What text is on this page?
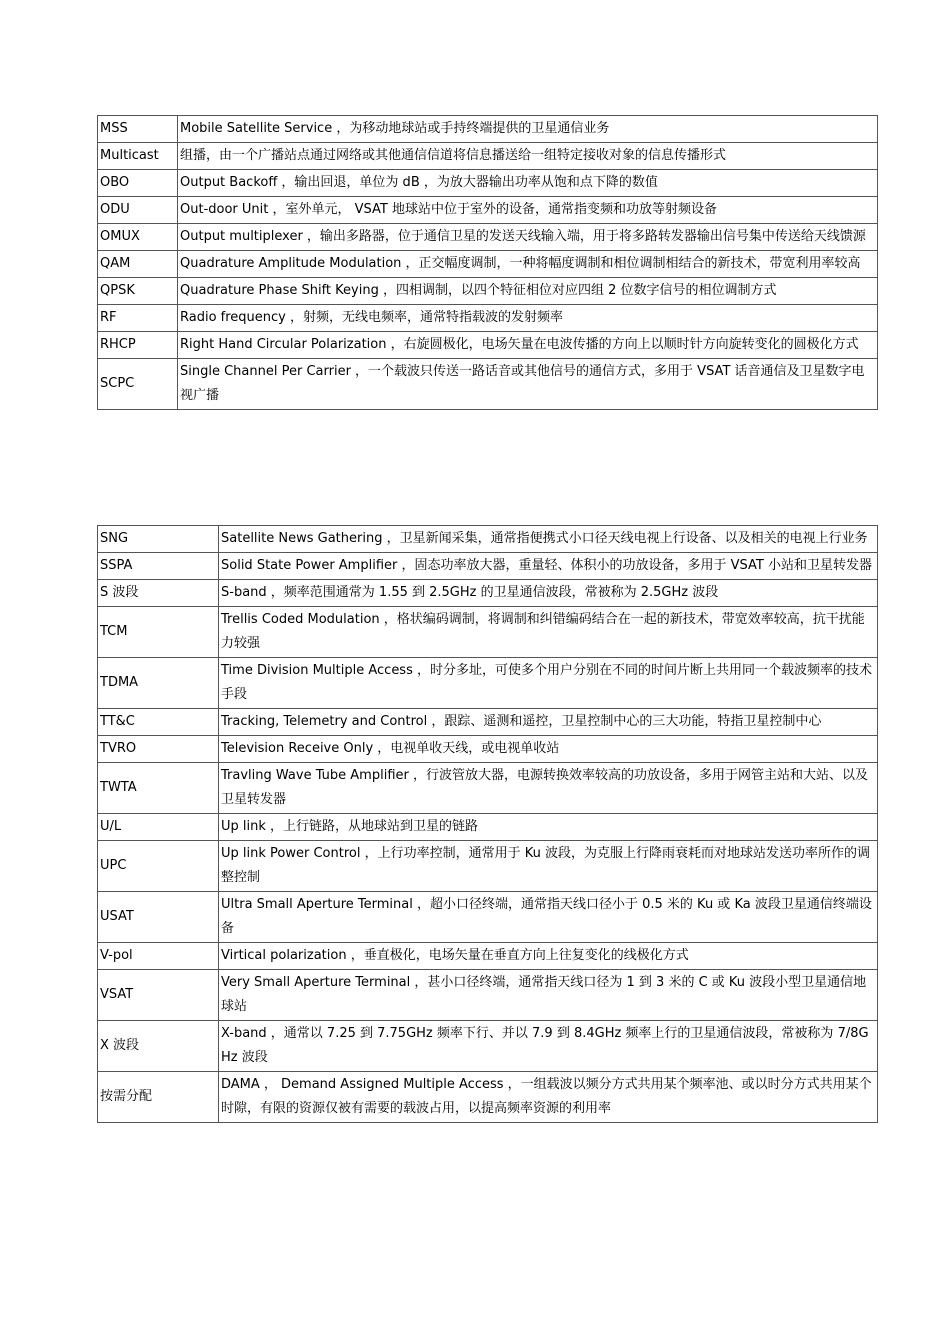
MSS	Mobile Satellite Service ，为移动地球站或手持终端提供的卫星通信业务
Multicast	组播，由一个广播站点通过网络或其他通信信道将信息播送给一组特定接收对象的信息传播形式
OBO	Output Backoff ，输出回退，单位为 dB ，为放大器输出功率从饱和点下降的数值
ODU	Out-door Unit ，室外单元， VSAT 地球站中位于室外的设备，通常指变频和功放等射频设备
OMUX	Output multiplexer ，输出多路器，位于通信卫星的发送天线输入端，用于将多路转发器输出信号集中传送给天线馈源
QAM	Quadrature Amplitude Modulation ，正交幅度调制，一种将幅度调制和相位调制相结合的新技术，带宽利用率较高
QPSK	Quadrature Phase Shift Keying ，四相调制，以四个特征相位对应四组 2 位数字信号的相位调制方式
RF	Radio frequency ，射频，无线电频率，通常特指载波的发射频率
RHCP	Right Hand Circular Polarization ，右旋圆极化，电场矢量在电波传播的方向上以顺时针方向旋转变化的圆极化方式
SCPC	Single Channel Per Carrier ，一个载波只传送一路话音或其他信号的通信方式，多用于 VSAT 话音通信及卫星数字电视广播
SNG	Satellite News Gathering ，卫星新闻采集，通常指便携式小口径天线电视上行设备、以及相关的电视上行业务
SSPA	Solid State Power Amplifier ，固态功率放大器，重量轻、体积小的功放设备，多用于 VSAT 小站和卫星转发器
S 波段	S-band ，频率范围通常为 1.55 到 2.5GHz 的卫星通信波段，常被称为 2.5GHz 波段
TCM	Trellis Coded Modulation ，格状编码调制，将调制和纠错编码结合在一起的新技术，带宽效率较高，抗干扰能力较强
TDMA	Time Division Multiple Access ，时分多址，可使多个用户分别在不同的时间片断上共用同一个载波频率的技术手段
TT&C	Tracking, Telemetry and Control ，跟踪、遥测和遥控，卫星控制中心的三大功能，特指卫星控制中心
TVRO	Television Receive Only ，电视单收天线，或电视单收站
TWTA	Travling Wave Tube Amplifier ，行波管放大器，电源转换效率较高的功放设备，多用于网管主站和大站、以及卫星转发器
U/L	Up link ，上行链路，从地球站到卫星的链路
UPC	Up link Power Control ，上行功率控制，通常用于 Ku 波段，为克服上行降雨衰耗而对地球站发送功率所作的调整控制
USAT	Ultra Small Aperture Terminal ，超小口径终端，通常指天线口径小于 0.5 米的 Ku 或 Ka 波段卫星通信终端设备
V-pol	Virtical polarization ，垂直极化，电场矢量在垂直方向上往复变化的线极化方式
VSAT	Very Small Aperture Terminal ，甚小口径终端，通常指天线口径为 1 到 3 米的 C 或 Ku 波段小型卫星通信地球站
X 波段	X-band ，通常以 7.25 到 7.75GHz 频率下行、并以 7.9 到 8.4GHz 频率上行的卫星通信波段，常被称为 7/8GHz 波段
按需分配	DAMA ， Demand Assigned Multiple Access ，一组载波以频分方式共用某个频率池、或以时分方式共用某个时隙，有限的资源仅被有需要的载波占用，以提高频率资源的利用率
